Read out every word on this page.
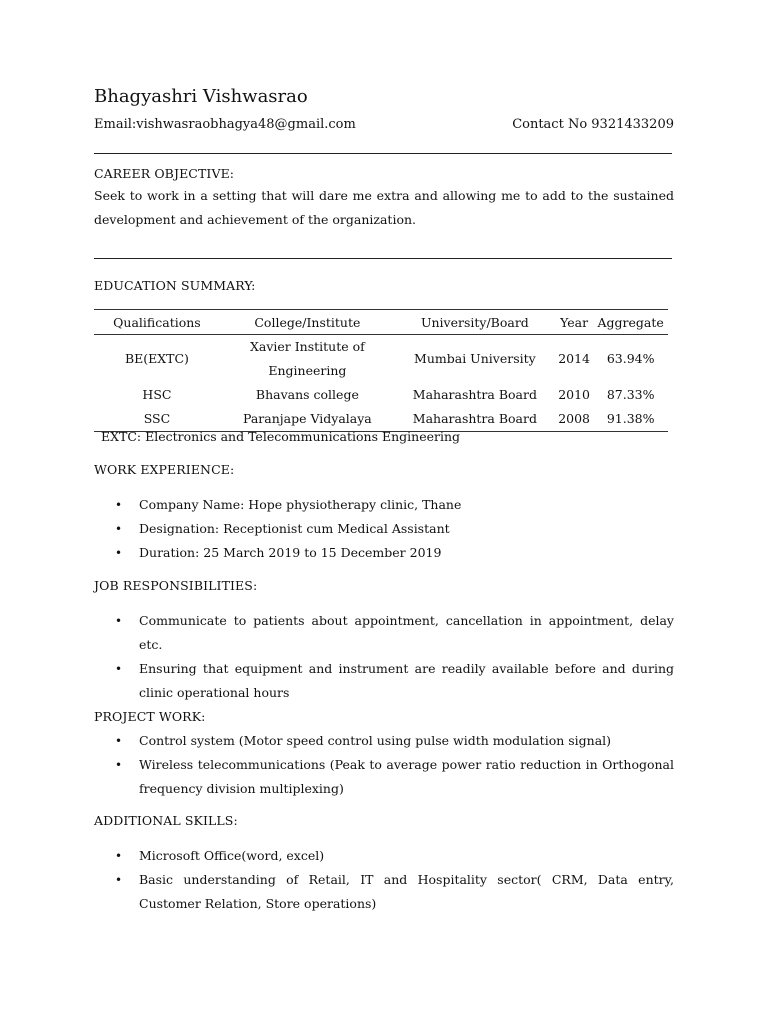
Bhagyashri Vishwasrao
Email:vishwasraobhagya48@gmail.com	Contact No 9321433209
CAREER OBJECTIVE:
Seek to work in a setting that will dare me extra and allowing me to add to the sustained development and achievement of the organization.
EDUCATION SUMMARY:
Qualifications	College/Institute	University/Board	Year	Aggregate
BE(EXTC)	Xavier Institute of Engineering	Mumbai University	2014	63.94%
HSC	Bhavans college	Maharashtra Board	2010	87.33%
SSC	Paranjape Vidyalaya	Maharashtra Board	2008	91.38%
EXTC: Electronics and Telecommunications Engineering
WORK EXPERIENCE:
• Company Name: Hope physiotherapy clinic, Thane
• Designation: Receptionist cum Medical Assistant
• Duration: 25 March 2019 to 15 December 2019
JOB RESPONSIBILITIES:
• Communicate to patients about appointment, cancellation in appointment, delay etc.
• Ensuring that equipment and instrument are readily available before and during clinic operational hours
PROJECT WORK:
• Control system (Motor speed control using pulse width modulation signal)
• Wireless telecommunications (Peak to average power ratio reduction in Orthogonal frequency division multiplexing)
ADDITIONAL SKILLS:
• Microsoft Office(word, excel)
• Basic understanding of Retail, IT and Hospitality sector( CRM, Data entry, Customer Relation, Store operations)
